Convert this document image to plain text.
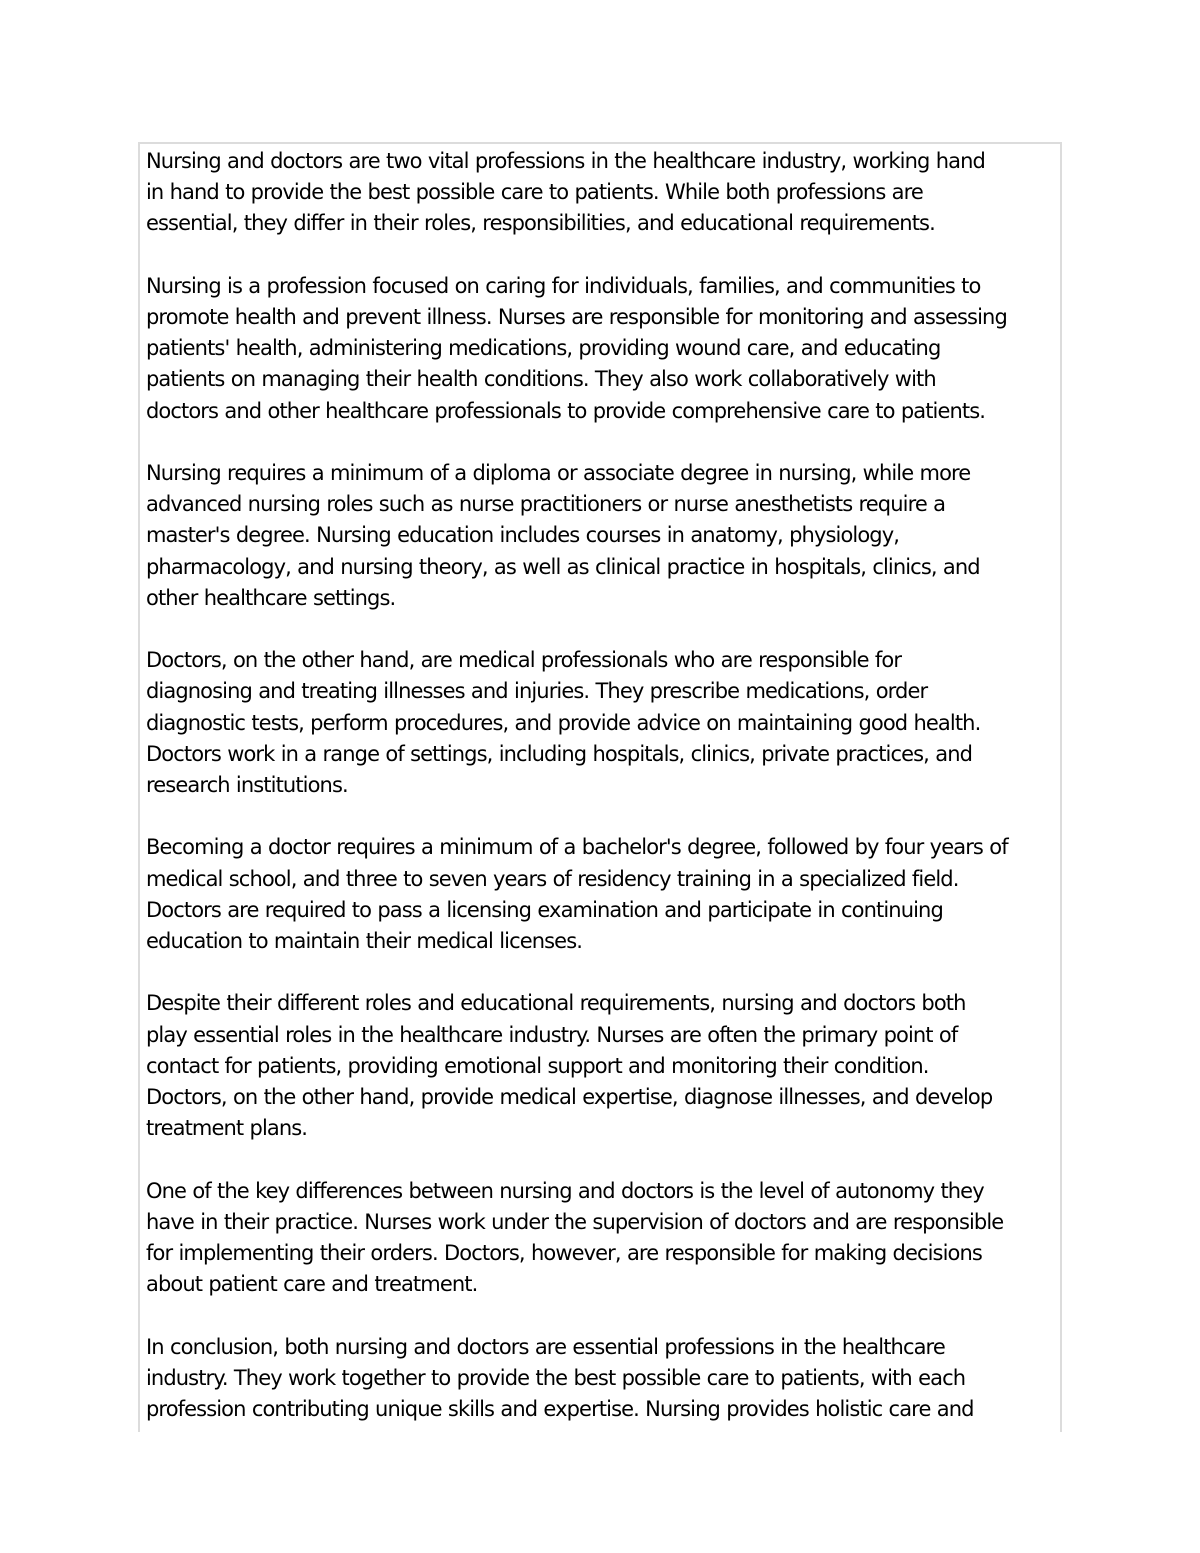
Nursing and doctors are two vital professions in the healthcare industry, working hand
in hand to provide the best possible care to patients. While both professions are
essential, they differ in their roles, responsibilities, and educational requirements.

Nursing is a profession focused on caring for individuals, families, and communities to
promote health and prevent illness. Nurses are responsible for monitoring and assessing
patients' health, administering medications, providing wound care, and educating
patients on managing their health conditions. They also work collaboratively with
doctors and other healthcare professionals to provide comprehensive care to patients.

Nursing requires a minimum of a diploma or associate degree in nursing, while more
advanced nursing roles such as nurse practitioners or nurse anesthetists require a
master's degree. Nursing education includes courses in anatomy, physiology,
pharmacology, and nursing theory, as well as clinical practice in hospitals, clinics, and
other healthcare settings.

Doctors, on the other hand, are medical professionals who are responsible for
diagnosing and treating illnesses and injuries. They prescribe medications, order
diagnostic tests, perform procedures, and provide advice on maintaining good health.
Doctors work in a range of settings, including hospitals, clinics, private practices, and
research institutions.

Becoming a doctor requires a minimum of a bachelor's degree, followed by four years of
medical school, and three to seven years of residency training in a specialized field.
Doctors are required to pass a licensing examination and participate in continuing
education to maintain their medical licenses.

Despite their different roles and educational requirements, nursing and doctors both
play essential roles in the healthcare industry. Nurses are often the primary point of
contact for patients, providing emotional support and monitoring their condition.
Doctors, on the other hand, provide medical expertise, diagnose illnesses, and develop
treatment plans.

One of the key differences between nursing and doctors is the level of autonomy they
have in their practice. Nurses work under the supervision of doctors and are responsible
for implementing their orders. Doctors, however, are responsible for making decisions
about patient care and treatment.

In conclusion, both nursing and doctors are essential professions in the healthcare
industry. They work together to provide the best possible care to patients, with each
profession contributing unique skills and expertise. Nursing provides holistic care and
